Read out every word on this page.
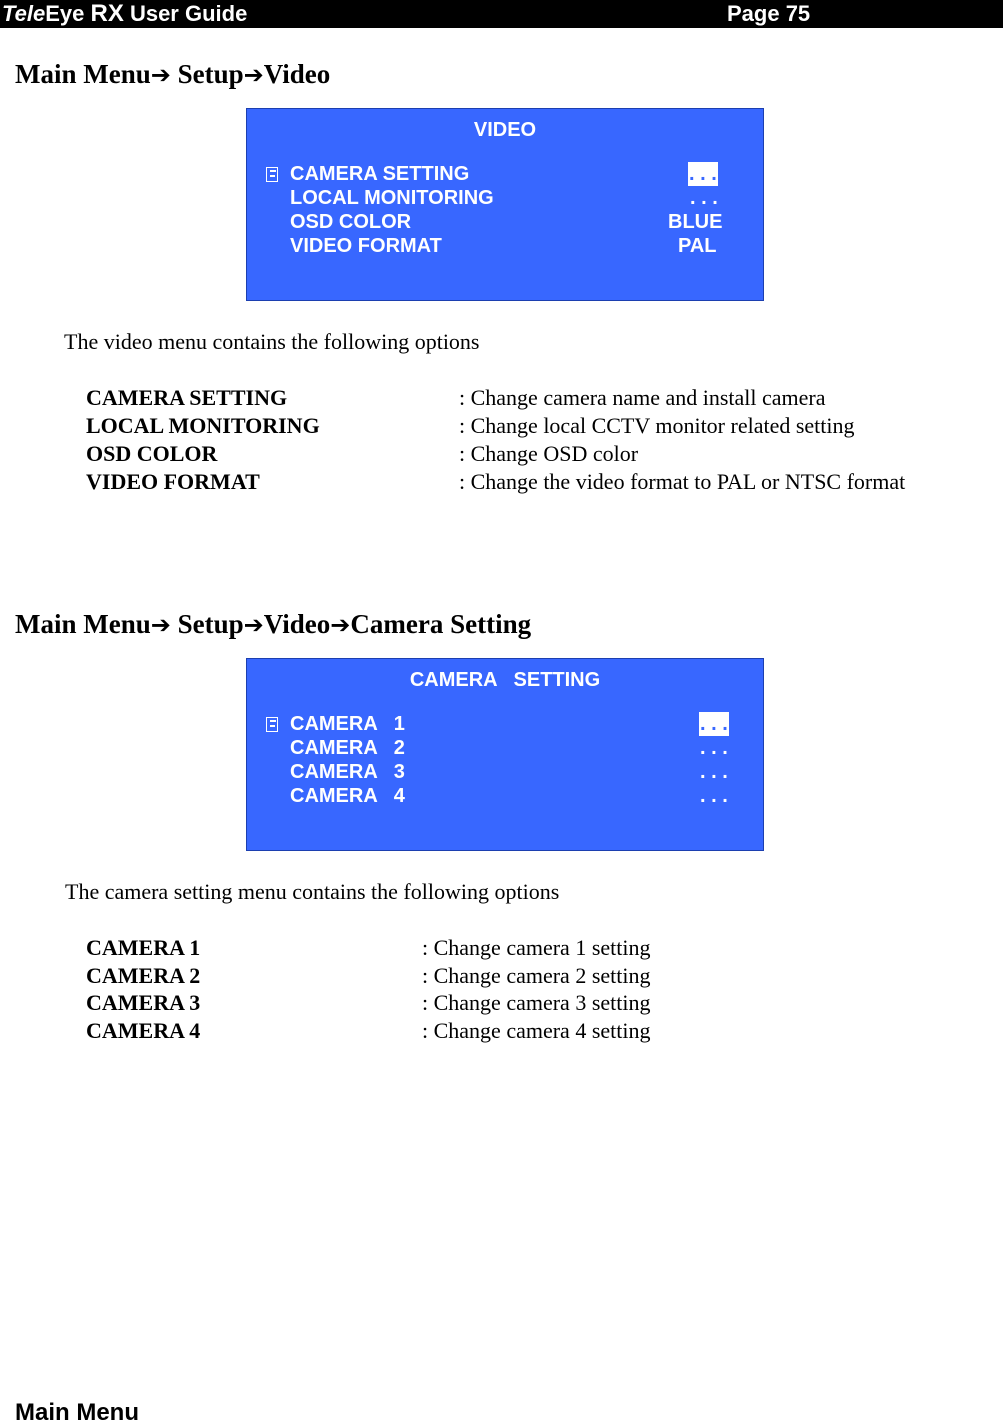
TeleEye RX User Guide	Page 75
Main Menu➔ Setup➔Video
VIDEO
CAMERA SETTING	. . .
LOCAL MONITORING	. . .
OSD COLOR	BLUE
VIDEO FORMAT	PAL
The video menu contains the following options
CAMERA SETTING	: Change camera name and install camera
LOCAL MONITORING	: Change local CCTV monitor related setting
OSD COLOR	: Change OSD color
VIDEO FORMAT	: Change the video format to PAL or NTSC format
Main Menu➔ Setup➔Video➔Camera Setting
CAMERA   SETTING
CAMERA   1	. . .
CAMERA   2	. . .
CAMERA   3	. . .
CAMERA   4	. . .
The camera setting menu contains the following options
CAMERA 1	: Change camera 1 setting
CAMERA 2	: Change camera 2 setting
CAMERA 3	: Change camera 3 setting
CAMERA 4	: Change camera 4 setting
Main Menu
